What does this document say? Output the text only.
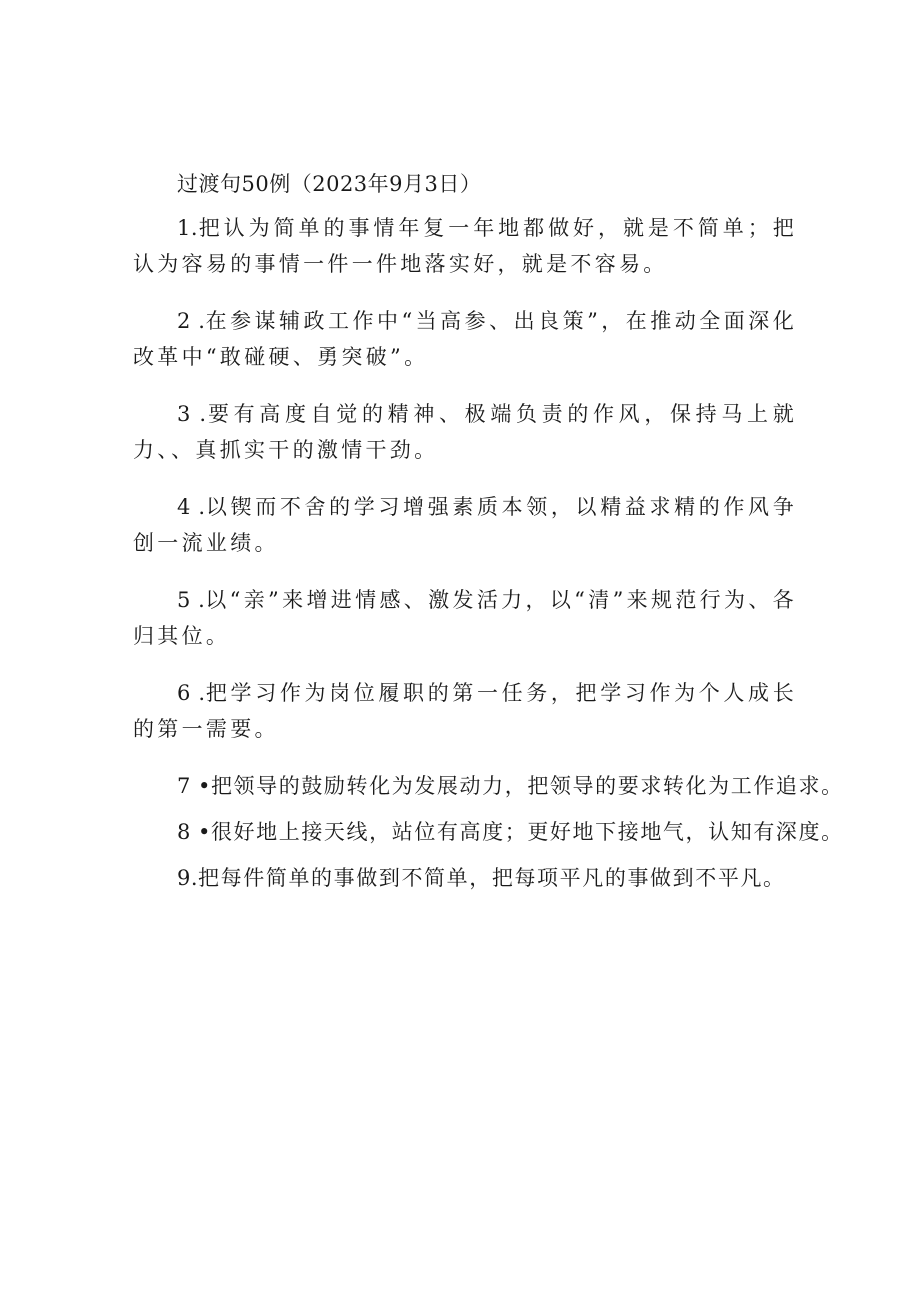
过渡句50例（2023年9月3日）

1.把认为简单的事情年复一年地都做好，就是不简单；把认为容易的事情一件一件地落实好，就是不容易。

2 .在参谋辅政工作中“当高参、出良策”，在推动全面深化改革中“敢碰硬、勇突破”。

3 .要有高度自觉的精神、极端负责的作风，保持马上就力、、真抓实干的激情干劲。

4 .以锲而不舍的学习增强素质本领，以精益求精的作风争创一流业绩。

5 .以“亲”来增进情感、激发活力，以“清”来规范行为、各归其位。

6 .把学习作为岗位履职的第一任务，把学习作为个人成长的第一需要。

7 •把领导的鼓励转化为发展动力，把领导的要求转化为工作追求。

8 •很好地上接天线，站位有高度；更好地下接地气，认知有深度。

9.把每件简单的事做到不简单，把每项平凡的事做到不平凡。
